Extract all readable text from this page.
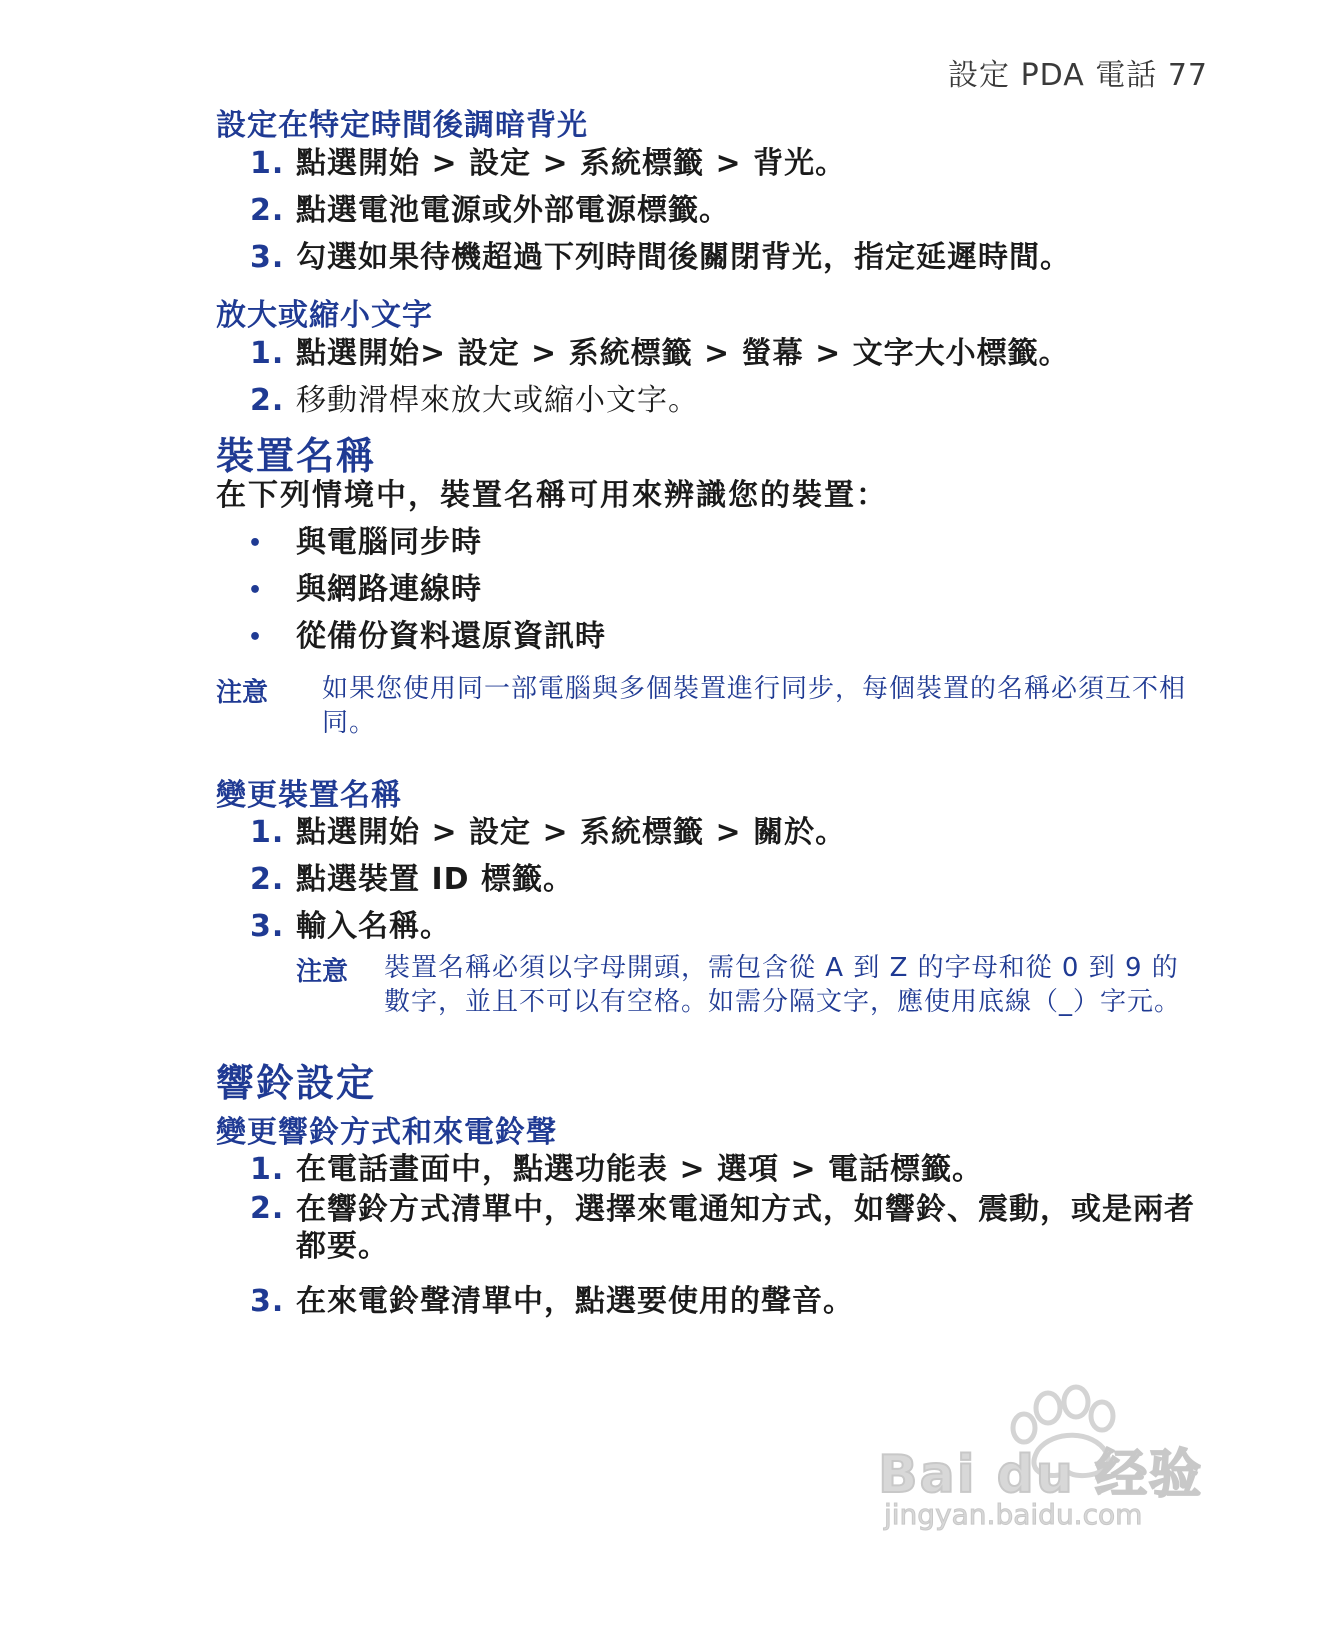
設定 PDA 電話 77
設定在特定時間後調暗背光
1. 點選開始 > 設定 > 系統標籤 > 背光。
2. 點選電池電源或外部電源標籤。
3. 勾選如果待機超過下列時間後關閉背光，指定延遲時間。
放大或縮小文字
1. 點選開始> 設定 > 系統標籤 > 螢幕 > 文字大小標籤。
2. 移動滑桿來放大或縮小文字。
裝置名稱
在下列情境中，裝置名稱可用來辨識您的裝置：
• 與電腦同步時
• 與網路連線時
• 從備份資料還原資訊時
注意 如果您使用同一部電腦與多個裝置進行同步，每個裝置的名稱必須互不相同。
變更裝置名稱
1. 點選開始 > 設定 > 系統標籤 > 關於。
2. 點選裝置 ID 標籤。
3. 輸入名稱。
注意 裝置名稱必須以字母開頭，需包含從 A 到 Z 的字母和從 0 到 9 的數字，並且不可以有空格。如需分隔文字，應使用底線（_）字元。
響鈴設定
變更響鈴方式和來電鈴聲
1. 在電話畫面中，點選功能表 > 選項 > 電話標籤。
2. 在響鈴方式清單中，選擇來電通知方式，如響鈴、震動，或是兩者都要。
3. 在來電鈴聲清單中，點選要使用的聲音。
Bai du 经验
jingyan.baidu.com
